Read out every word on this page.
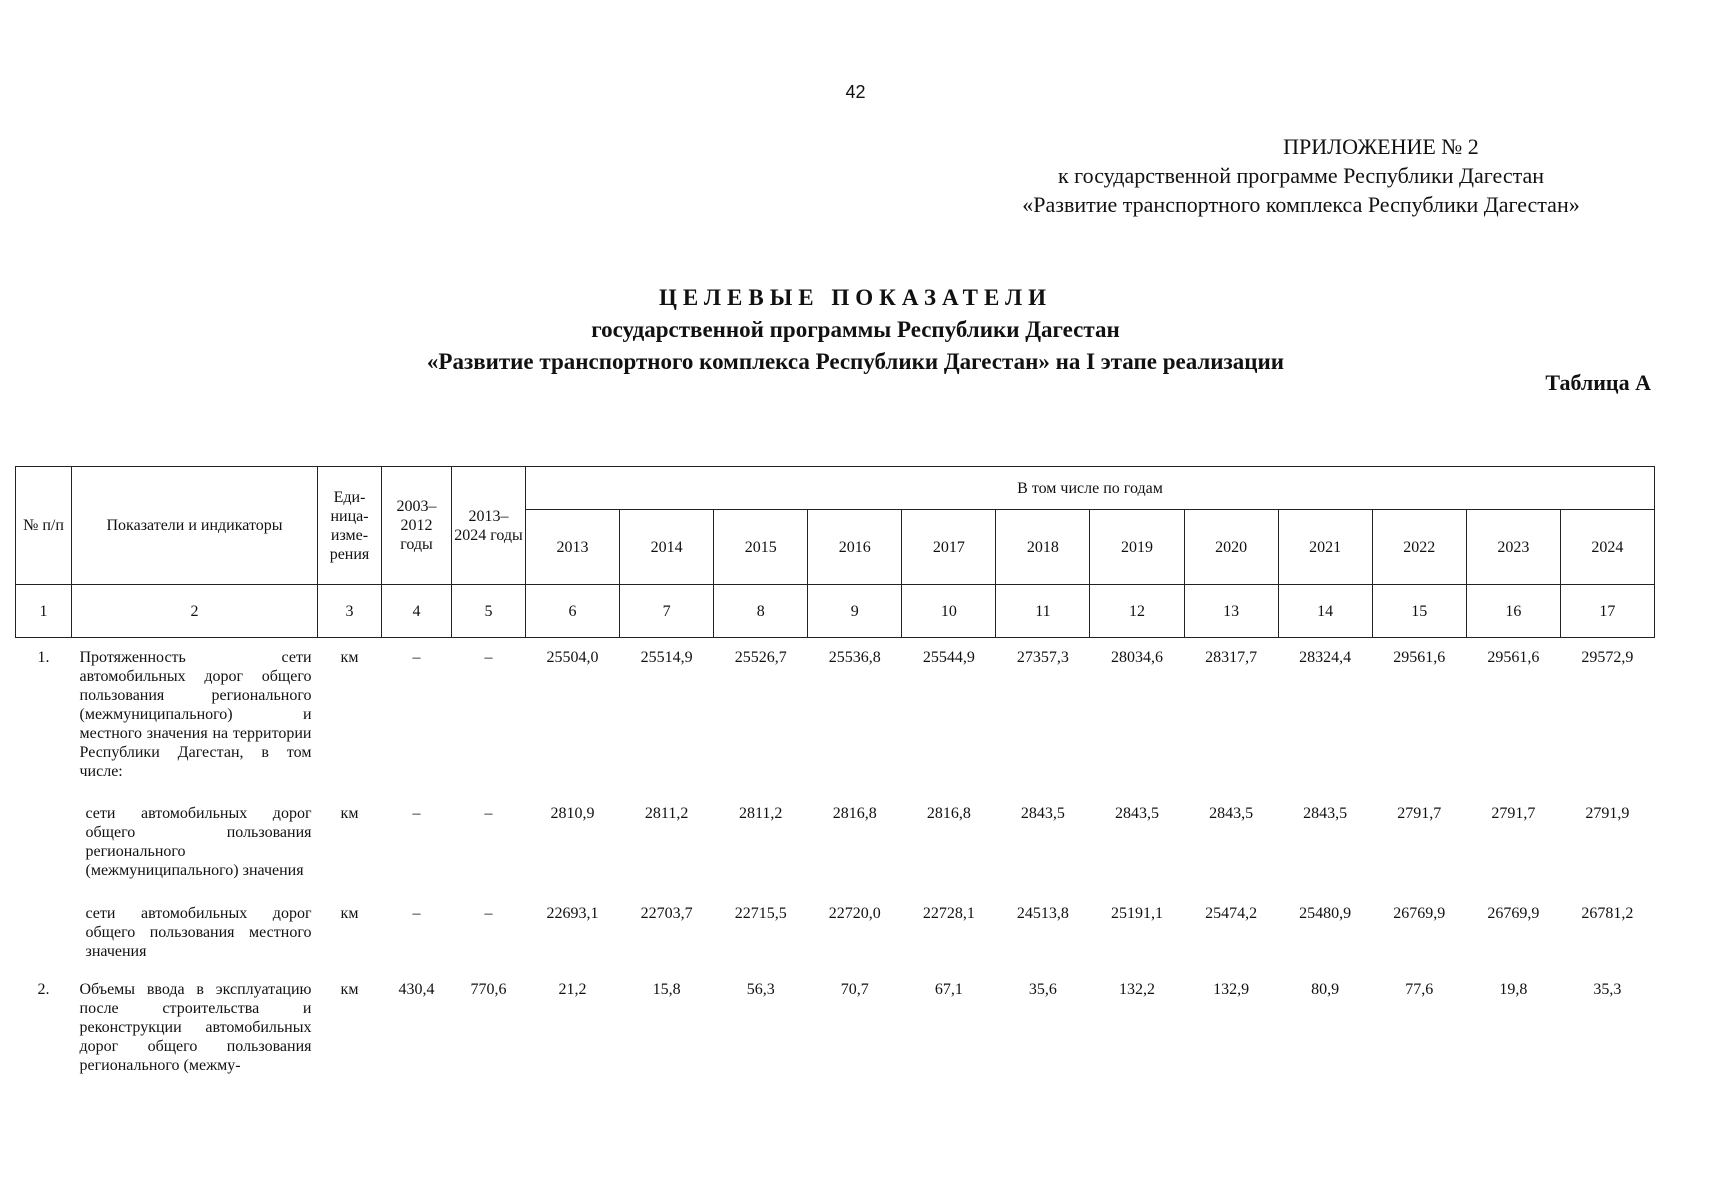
42
ПРИЛОЖЕНИЕ № 2
к государственной программе Республики Дагестан
«Развитие транспортного комплекса Республики Дагестан»
ЦЕЛЕВЫЕ ПОКАЗАТЕЛИ
государственной программы Республики Дагестан
«Развитие транспортного комплекса Республики Дагестан» на I этапе реализации
Таблица А
№ п/п	Показатели и индикаторы	Еди-ница-изме-рения	2003–2012 годы	2013–2024 годы	В том числе по годам											
					2013	2014	2015	2016	2017	2018	2019	2020	2021	2022	2023	2024
1	2	3	4	5	6	7	8	9	10	11	12	13	14	15	16	17
1.	Протяженность сети автомобильных дорог общего пользования регионального (межмуниципального) и местного значения на территории Республики Дагестан, в том числе:	км	–	–	25504,0	25514,9	25526,7	25536,8	25544,9	27357,3	28034,6	28317,7	28324,4	29561,6	29561,6	29572,9
	сети автомобильных дорог общего пользования регионального (межмуниципального) значения	км	–	–	2810,9	2811,2	2811,2	2816,8	2816,8	2843,5	2843,5	2843,5	2843,5	2791,7	2791,7	2791,9
	сети автомобильных дорог общего пользования местного значения	км	–	–	22693,1	22703,7	22715,5	22720,0	22728,1	24513,8	25191,1	25474,2	25480,9	26769,9	26769,9	26781,2
2.	Объемы ввода в эксплуатацию после строительства и реконструкции автомобильных дорог общего пользования регионального (межму-	км	430,4	770,6	21,2	15,8	56,3	70,7	67,1	35,6	132,2	132,9	80,9	77,6	19,8	35,3
